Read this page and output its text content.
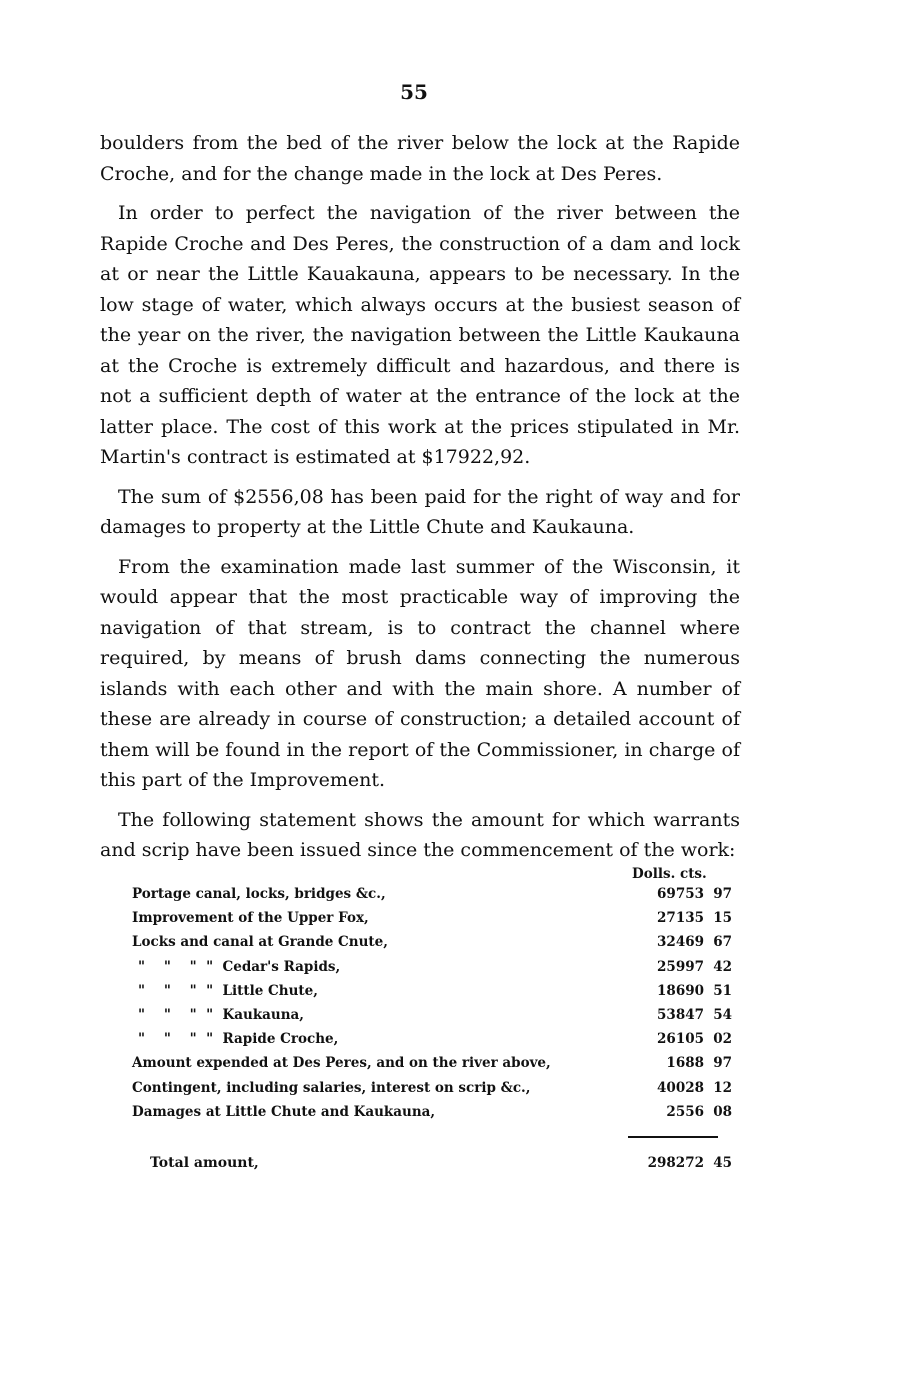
55

boulders from the bed of the river below the lock at the Rapide Croche, and for the change made in the lock at Des Peres.

In order to perfect the navigation of the river between the Rapide Croche and Des Peres, the construction of a dam and lock at or near the Little Kauakauna, appears to be necessary. In the low stage of water, which always occurs at the busiest season of the year on the river, the navigation between the Little Kaukauna at the Croche is extremely difficult and hazardous, and there is not a sufficient depth of water at the entrance of the lock at the latter place. The cost of this work at the prices stipulated in Mr. Martin's contract is estimated at $17922,92.

The sum of $2556,08 has been paid for the right of way and for damages to property at the Little Chute and Kaukauna.

From the examination made last summer of the Wisconsin, it would appear that the most practicable way of improving the navigation of that stream, is to contract the channel where required, by means of brush dams connecting the numerous islands with each other and with the main shore. A number of these are already in course of construction; a detailed account of them will be found in the report of the Commissioner, in charge of this part of the Improvement.

The following statement shows the amount for which warrants and scrip have been issued since the commencement of the work:

Dolls. cts.
Portage canal, locks, bridges &c.,	69753 97
Improvement of the Upper Fox,	27135 15
Locks and canal at Grande Cnute,	32469 67
"    "    "  "  Cedar's Rapids,	25997 42
"    "    "  "  Little Chute,	18690 51
"    "    "  "  Kaukauna,	53847 54
"    "    "  "  Rapide Croche,	26105 02
Amount expended at Des Peres, and on the river above,	1688 97
Contingent, including salaries, interest on scrip &c.,	40028 12
Damages at Little Chute and Kaukauna,	2556 08
Total amount,	298272 45
